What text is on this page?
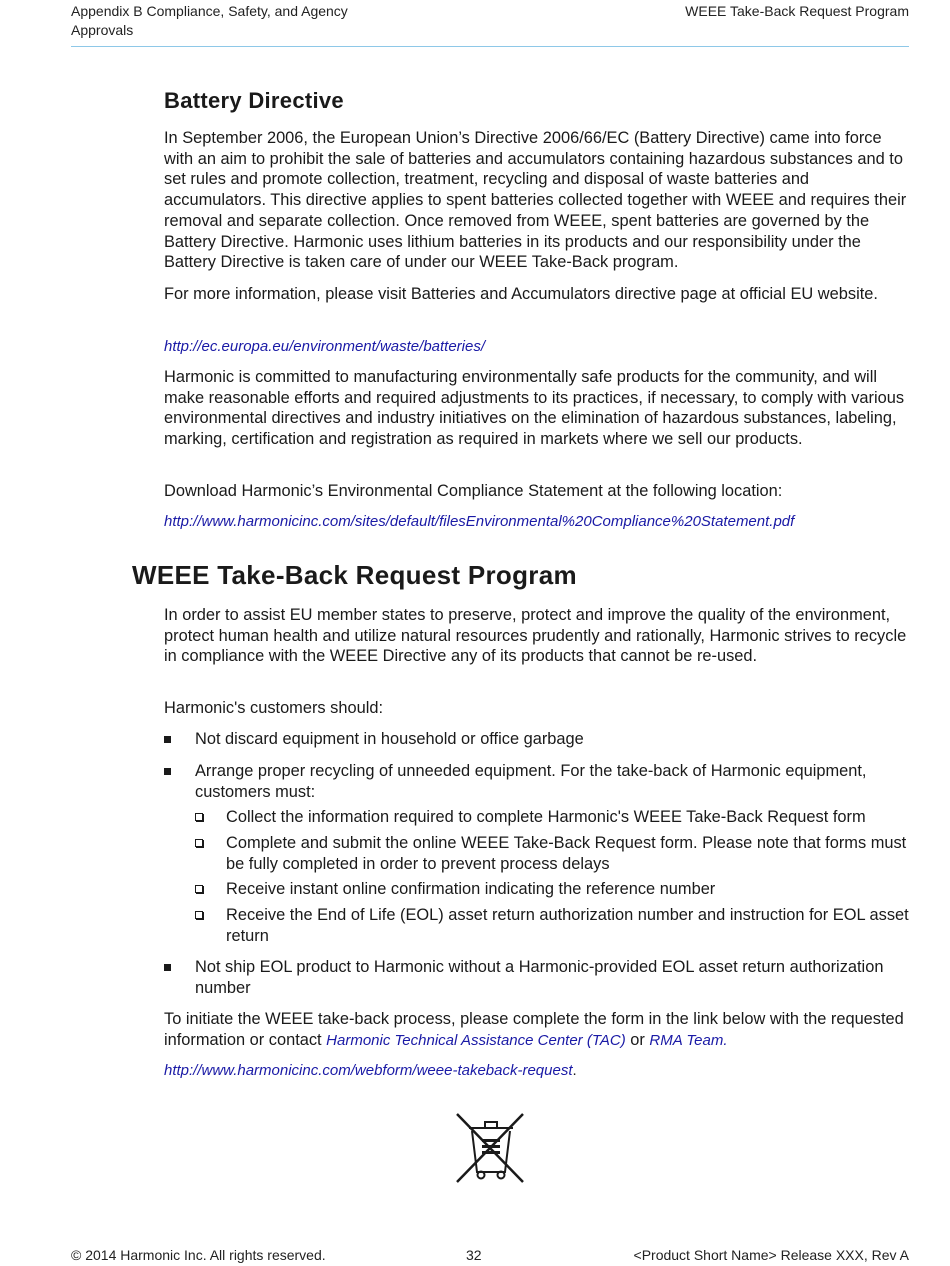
Appendix B Compliance, Safety, and Agency Approvals
WEEE Take-Back Request Program
Battery Directive

In September 2006, the European Union’s Directive 2006/66/EC (Battery Directive) came into force with an aim to prohibit the sale of batteries and accumulators containing hazardous substances and to set rules and promote collection, treatment, recycling and disposal of waste batteries and accumulators. This directive applies to spent batteries collected together with WEEE and requires their removal and separate collection. Once removed from WEEE, spent batteries are governed by the Battery Directive. Harmonic uses lithium batteries in its products and our responsibility under the Battery Directive is taken care of under our WEEE Take-Back program.

For more information, please visit Batteries and Accumulators directive page at official EU website.

http://ec.europa.eu/environment/waste/batteries/

Harmonic is committed to manufacturing environmentally safe products for the community, and will make reasonable efforts and required adjustments to its practices, if necessary, to comply with various environmental directives and industry initiatives on the elimination of hazardous substances, labeling, marking, certification and registration as required in markets where we sell our products.

Download Harmonic’s Environmental Compliance Statement at the following location:

http://www.harmonicinc.com/sites/default/filesEnvironmental%20Compliance%20Statement.pdf
WEEE Take-Back Request Program

In order to assist EU member states to preserve, protect and improve the quality of the environment, protect human health and utilize natural resources prudently and rationally, Harmonic strives to recycle in compliance with the WEEE Directive any of its products that cannot be re-used.

Harmonic's customers should:

Not discard equipment in household or office garbage
Arrange proper recycling of unneeded equipment. For the take-back of Harmonic equipment, customers must:
Collect the information required to complete Harmonic's WEEE Take-Back Request form
Complete and submit the online WEEE Take-Back Request form. Please note that forms must be fully completed in order to prevent process delays
Receive instant online confirmation indicating the reference number
Receive the End of Life (EOL) asset return authorization number and instruction for EOL asset return
Not ship EOL product to Harmonic without a Harmonic-provided EOL asset return authorization number

To initiate the WEEE take-back process, please complete the form in the link below with the requested information or contact Harmonic Technical Assistance Center (TAC) or RMA Team.

http://www.harmonicinc.com/webform/weee-takeback-request.
© 2014 Harmonic Inc. All rights reserved.	32	<Product Short Name> Release XXX, Rev A
